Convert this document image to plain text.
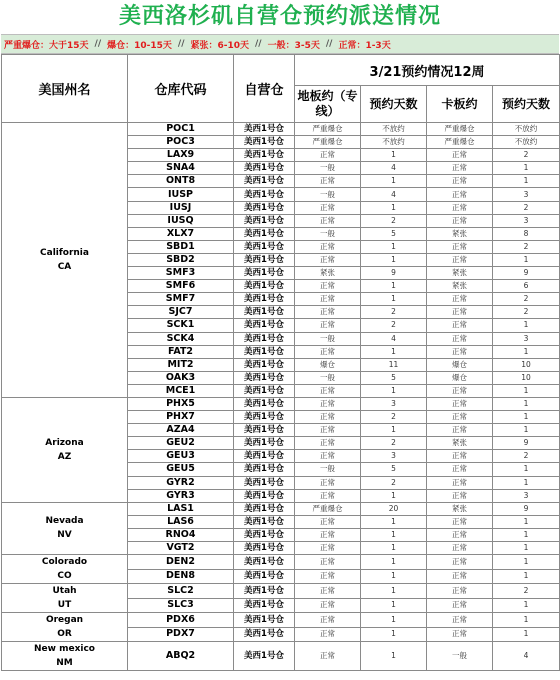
美西洛杉矶自营仓预约派送情况
严重爆仓：大于15天 // 爆仓：10-15天 // 紧张：6-10天 // 一般：3-5天 // 正常：1-3天
美国州名	仓库代码	自营仓	3/21预约情况12周			
			地板约（专线）	预约天数	卡板约	预约天数

California
CA	POC1	美西1号仓	严重爆仓	不放约	严重爆仓	不放约
	POC3	美西1号仓	严重爆仓	不放约	严重爆仓	不放约
	LAX9	美西1号仓	正常	1	正常	2
	SNA4	美西1号仓	一般	4	正常	1
	ONT8	美西1号仓	正常	1	正常	1
	IUSP	美西1号仓	一般	4	正常	3
	IUSJ	美西1号仓	正常	1	正常	2
	IUSQ	美西1号仓	正常	2	正常	3
	XLX7	美西1号仓	一般	5	紧张	8
	SBD1	美西1号仓	正常	1	正常	2
	SBD2	美西1号仓	正常	1	正常	1
	SMF3	美西1号仓	紧张	9	紧张	9
	SMF6	美西1号仓	正常	1	紧张	6
	SMF7	美西1号仓	正常	1	正常	2
	SJC7	美西1号仓	正常	2	正常	2
	SCK1	美西1号仓	正常	2	正常	1
	SCK4	美西1号仓	一般	4	正常	3
	FAT2	美西1号仓	正常	1	正常	1
	MIT2	美西1号仓	爆仓	11	爆仓	10
	OAK3	美西1号仓	一般	5	爆仓	10
	MCE1	美西1号仓	正常	1	正常	1

Arizona
AZ	PHX5	美西1号仓	正常	3	正常	1
	PHX7	美西1号仓	正常	2	正常	1
	AZA4	美西1号仓	正常	1	正常	1
	GEU2	美西1号仓	正常	2	紧张	9
	GEU3	美西1号仓	正常	3	正常	2
	GEU5	美西1号仓	一般	5	正常	1
	GYR2	美西1号仓	正常	2	正常	1
	GYR3	美西1号仓	正常	1	正常	3

Nevada
NV	LAS1	美西1号仓	严重爆仓	20	紧张	9
	LAS6	美西1号仓	正常	1	正常	1
	RNO4	美西1号仓	正常	1	正常	1
	VGT2	美西1号仓	正常	1	正常	1

Colorado
CO	DEN2	美西1号仓	正常	1	正常	1
	DEN8	美西1号仓	正常	1	正常	1

Utah
UT	SLC2	美西1号仓	正常	1	正常	2
	SLC3	美西1号仓	正常	1	正常	1

Oregan
OR	PDX6	美西1号仓	正常	1	正常	1
	PDX7	美西1号仓	正常	1	正常	1

New mexico
NM	ABQ2	美西1号仓	正常	1	一般	4
